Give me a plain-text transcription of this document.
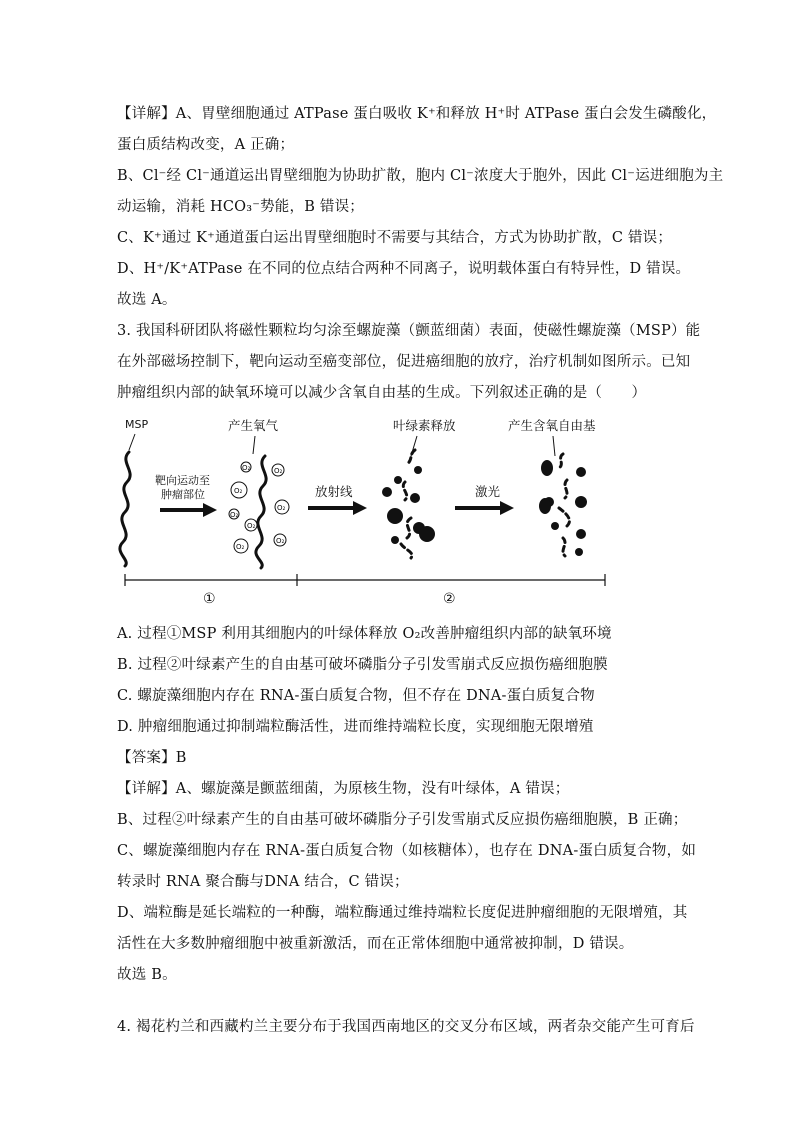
【详解】A、胃壁细胞通过 ATPase 蛋白吸收 K⁺和释放 H⁺时 ATPase 蛋白会发生磷酸化，
蛋白质结构改变，A 正确；
B、Cl⁻经 Cl⁻通道运出胃壁细胞为协助扩散，胞内 Cl⁻浓度大于胞外，因此 Cl⁻运进细胞为主
动运输，消耗 HCO₃⁻势能，B 错误；
C、K⁺通过 K⁺通道蛋白运出胃壁细胞时不需要与其结合，方式为协助扩散，C 错误；
D、H⁺/K⁺ATPase 在不同的位点结合两种不同离子，说明载体蛋白有特异性，D 错误。
故选 A。
3. 我国科研团队将磁性颗粒均匀涂至螺旋藻（颤蓝细菌）表面，使磁性螺旋藻（MSP）能
在外部磁场控制下，靶向运动至癌变部位，促进癌细胞的放疗，治疗机制如图所示。已知
肿瘤组织内部的缺氧环境可以减少含氧自由基的生成。下列叙述正确的是（　　）
MSP	产生氧气	叶绿素释放	产生含氧自由基
靶向运动至
肿瘤部位
O₂
O₂
O₂
O₂
O₂
O₂
O₂
O₂
放射线	激光
①	②
A. 过程①MSP 利用其细胞内的叶绿体释放 O₂改善肿瘤组织内部的缺氧环境
B. 过程②叶绿素产生的自由基可破坏磷脂分子引发雪崩式反应损伤癌细胞膜
C. 螺旋藻细胞内存在 RNA-蛋白质复合物，但不存在 DNA-蛋白质复合物
D. 肿瘤细胞通过抑制端粒酶活性，进而维持端粒长度，实现细胞无限增殖
【答案】B
【详解】A、螺旋藻是颤蓝细菌，为原核生物，没有叶绿体，A 错误；
B、过程②叶绿素产生的自由基可破坏磷脂分子引发雪崩式反应损伤癌细胞膜，B 正确；
C、螺旋藻细胞内存在 RNA-蛋白质复合物（如核糖体），也存在 DNA-蛋白质复合物，如
转录时 RNA 聚合酶与DNA 结合，C 错误；
D、端粒酶是延长端粒的一种酶，端粒酶通过维持端粒长度促进肿瘤细胞的无限增殖，其
活性在大多数肿瘤细胞中被重新激活，而在正常体细胞中通常被抑制，D 错误。
故选 B。
4. 褐花杓兰和西藏杓兰主要分布于我国西南地区的交叉分布区域，两者杂交能产生可育后
